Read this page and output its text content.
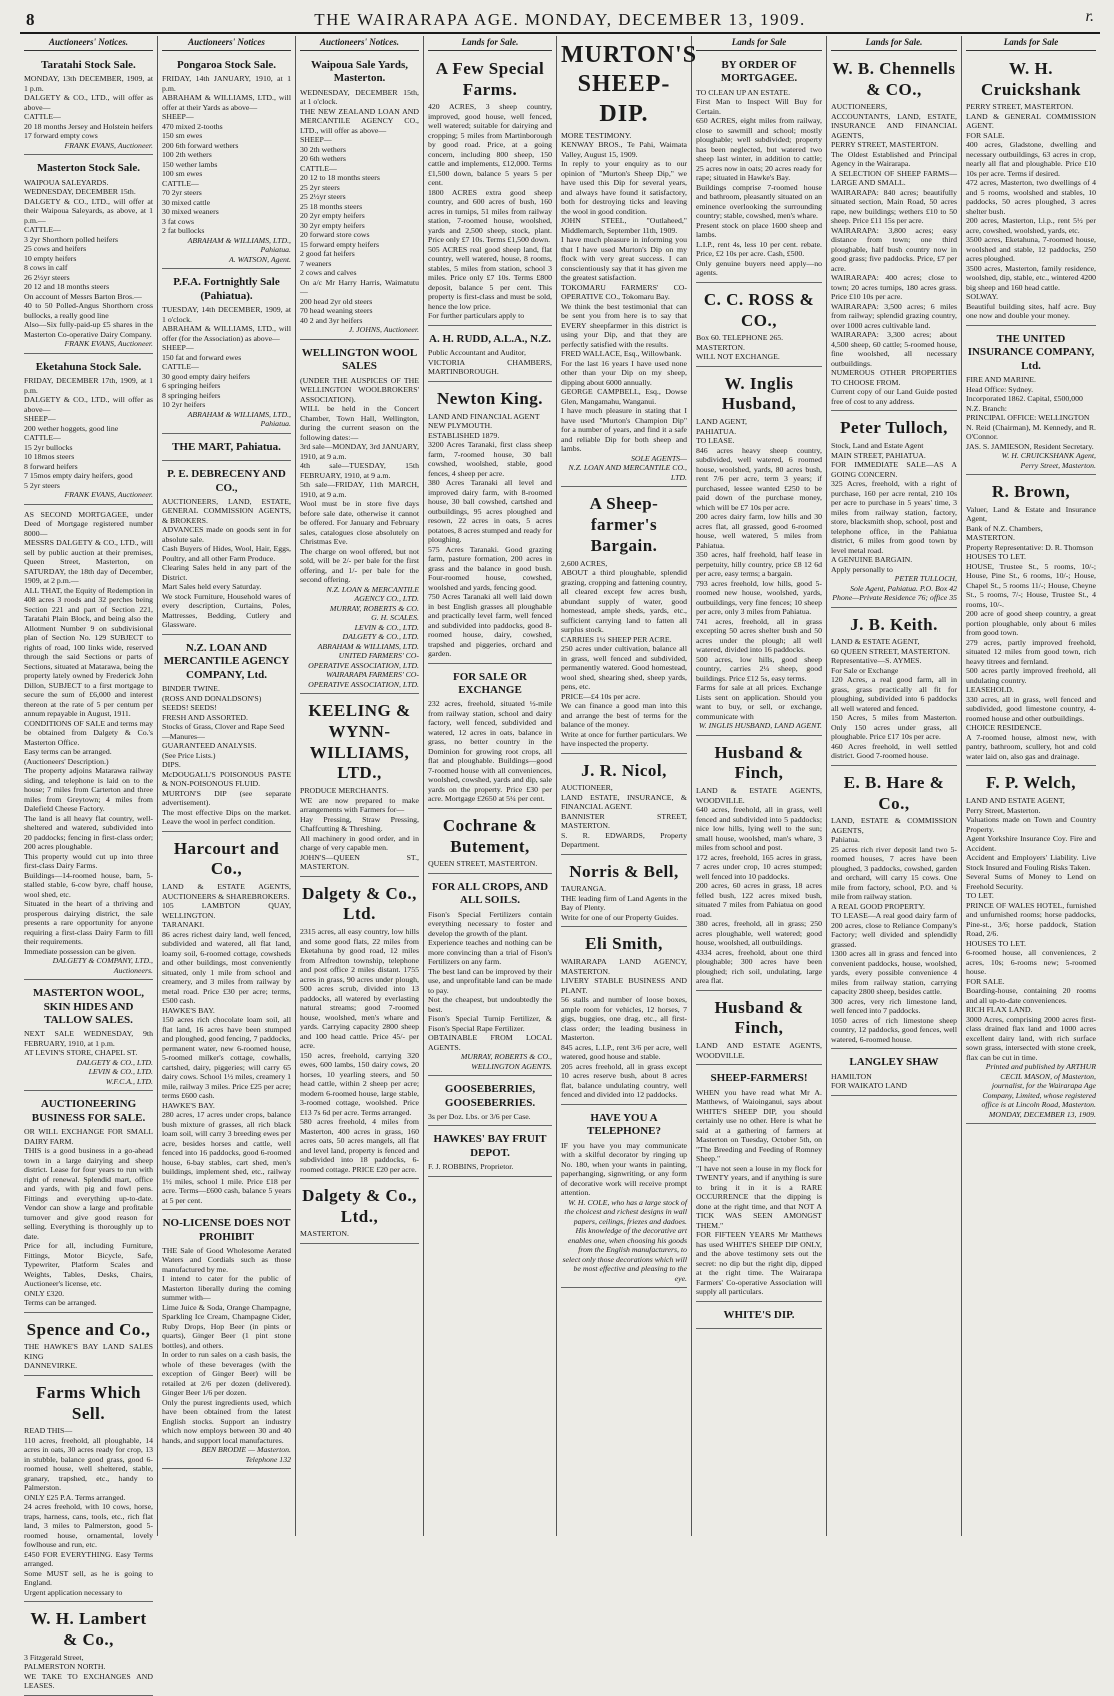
8	THE WAIRARAPA AGE. MONDAY, DECEMBER 13, 1909.	r.
Auctioneers' Notices.
Taratahi Stock Sale.
MONDAY, 13th DECEMBER, 1909, at 1 p.m.
DALGETY & CO., LTD., will offer as above—
CATTLE—
20 18 months Jersey and Holstein heifers
17 forward empty cows
FRANK EVANS, Auctioneer.
Masterton Stock Sale.
WAIPOUA SALEYARDS.
WEDNESDAY, DECEMBER 15th.
DALGETY & CO., LTD., will offer at their Waipoua Saleyards, as above, at 1 p.m.—
CATTLE—
3 2yr Shorthorn polled heifers
25 cows and heifers
10 empty heifers
8 cows in calf
26 2½yr steers
20 12 and 18 months steers
On account of Messrs Barton Bros.—
40 to 50 Polled-Angus Shorthorn cross bullocks, a really good line
Also—Six fully-paid-up £5 shares in the Masterton Co-operative Dairy Company.
FRANK EVANS, Auctioneer.
Eketahuna Stock Sale.
FRIDAY, DECEMBER 17th, 1909, at 1 p.m.
DALGETY & CO., LTD., will offer as above—
SHEEP—
200 wether hoggets, good line
CATTLE—
15 2yr bullocks
10 18mos steers
8 forward heifers
7 15mos empty dairy heifers, good
5 2yr steers
FRANK EVANS, Auctioneer.
AS SECOND MORTGAGEE, under Deed of Mortgage registered number 8000—
MESSRS DALGETY & CO., LTD., will sell by public auction at their premises, Queen Street, Masterton, on SATURDAY, the 18th day of December, 1909, at 2 p.m.—
ALL THAT, the Equity of Redemption in 408 acres 3 roods and 32 perches being Section 221 and part of Section 221, Taratahi Plain Block, and being also the Allotment Number 9 on subdivisional plan of Section No. 129 SUBJECT to rights of road, 100 links wide, reserved through the said Sections or parts of Sections, situated at Matarawa, being the property lately owned by Frederick John Dillon, SUBJECT to a first mortgage to secure the sum of £6,000 and interest thereon at the rate of 5 per centum per annum repayable in August, 1911.
CONDITIONS OF SALE and terms may be obtained from Dalgety & Co.'s Masterton Office.
Easy terms can be arranged.
(Auctioneers' Description.)
The property adjoins Matarawa railway siding, and telephone is laid on to the house; 7 miles from Carterton and three miles from Greytown; 4 miles from Dalefield Cheese Factory.
The land is all heavy flat country, well-sheltered and watered, subdivided into 20 paddocks; fencing in first-class order; 200 acres ploughable.
This property would cut up into three first-class Dairy Farms.
Buildings—14-roomed house, barn, 5-stalled stable, 6-cow byre, chaff house, wool shed, etc.
Situated in the heart of a thriving and prosperous dairying district, the sale presents a rare opportunity for anyone requiring a first-class Dairy Farm to fill their requirements.
Immediate possession can be given.
DALGETY & COMPANY, LTD., Auctioneers.
MASTERTON WOOL, SKIN HIDES AND TALLOW SALES.
NEXT SALE WEDNESDAY, 9th FEBRUARY, 1910, at 1 p.m.
AT LEVIN'S STORE, CHAPEL ST.
DALGETY & CO., LTD.
LEVIN & CO., LTD.
W.F.C.A., LTD.
AUCTIONEERING BUSINESS FOR SALE.
OR WILL EXCHANGE FOR SMALL DAIRY FARM.
THIS is a good business in a go-ahead town in a large dairying and sheep district. Lease for four years to run with right of renewal. Splendid mart, office and yards, with pig and fowl pens. Fittings and everything up-to-date. Vendor can show a large and profitable turnover and give good reason for selling. Everything is thoroughly up to date.
Price for all, including Furniture, Fittings, Motor Bicycle, Safe, Typewriter, Platform Scales and Weights, Tables, Desks, Chairs, Auctioneer's license, etc.
ONLY £320.
Terms can be arranged.
Spence and Co.,
THE HAWKE'S BAY LAND SALES KING
DANNEVIRKE.
Farms Which Sell.
READ THIS—
110 acres, freehold, all ploughable, 14 acres in oats, 30 acres ready for crop, 13 in stubble, balance good grass, good 6-roomed house, well sheltered, stable, granary, trapshed, etc., handy to Palmerston.
ONLY £25 P.A. Terms arranged.
24 acres freehold, with 10 cows, horse, traps, harness, cans, tools, etc., rich flat land, 3 miles to Palmerston, good 5-roomed house, ornamental, lovely fowlhouse and run, etc.
£450 FOR EVERYTHING. Easy Terms arranged.
Some MUST sell, as he is going to England.
Urgent application necessary to
W. H. Lambert & Co.,
3 Fitzgerald Street,
PALMERSTON NORTH.
WE TAKE TO EXCHANGES AND LEASES.
Auctioneers' Notices
Pongaroa Stock Sale.
FRIDAY, 14th JANUARY, 1910, at 1 p.m.
ABRAHAM & WILLIAMS, LTD., will offer at their Yards as above—
SHEEP—
470 mixed 2-tooths
150 sm ewes
200 6th forward wethers
100 2th wethers
150 wether lambs
100 sm ewes
CATTLE—
70 2yr steers
30 mixed cattle
30 mixed weaners
3 fat cows
2 fat bullocks
ABRAHAM & WILLIAMS, LTD., Pahiatua.
A. WATSON, Agent.
P.F.A. Fortnightly Sale (Pahiatua).
TUESDAY, 14th DECEMBER, 1909, at 1 o'clock.
ABRAHAM & WILLIAMS, LTD., will offer (for the Association) as above—
SHEEP—
150 fat and forward ewes
CATTLE—
30 good empty dairy heifers
6 springing heifers
8 springing heifers
10 2yr heifers
ABRAHAM & WILLIAMS, LTD., Pahiatua.
THE MART, Pahiatua.
P. E. DEBRECENY AND CO.,
AUCTIONEERS, LAND, ESTATE, GENERAL COMMISSION AGENTS, & BROKERS.
ADVANCES made on goods sent in for absolute sale.
Cash Buyers of Hides, Wool, Hair, Eggs, Poultry, and all other Farm Produce.
Clearing Sales held in any part of the District.
Mart Sales held every Saturday.
We stock Furniture, Household wares of every description, Curtains, Poles, Mattresses, Bedding, Cutlery and Glassware.
N.Z. LOAN AND MERCANTILE AGENCY COMPANY, Ltd.
BINDER TWINE.
(ROSS AND DONALDSON'S)
SEEDS! SEEDS!
FRESH AND ASSORTED.
Stocks of Grass, Clover and Rape Seed
—Manures—
GUARANTEED ANALYSIS.
(See Price Lists.)
DIPS.
McDOUGALL'S POISONOUS PASTE & NON-POISONOUS FLUID.
MURTON'S DIP (see separate advertisement).
The most effective Dips on the market. Leave the wool in perfect condition.
Harcourt and Co.,
LAND & ESTATE AGENTS, AUCTIONEERS & SHAREBROKERS.
105 LAMBTON QUAY, WELLINGTON.
TARANAKI.
86 acres richest dairy land, well fenced, subdivided and watered, all flat land, loamy soil, 6-roomed cottage, cowsheds and other buildings, most conveniently situated, only 1 mile from school and creamery, and 3 miles from railway by metal road. Price £30 per acre; terms, £500 cash.
HAWKE'S BAY.
150 acres rich chocolate loam soil, all flat land, 16 acres have been stumped and ploughed, good fencing, 7 paddocks, permanent water, new 6-roomed house, 5-roomed milker's cottage, cowhalls, cartshed, dairy, piggeries; will carry 65 dairy cows. School 1½ miles, creamery 1 mile, railway 3 miles. Price £25 per acre; terms £600 cash.
HAWKE'S BAY.
280 acres, 17 acres under crops, balance bush mixture of grasses, all rich black loam soil, will carry 3 breeding ewes per acre, besides horses and cattle, well fenced into 16 paddocks, good 6-roomed house, 6-bay stables, cart shed, men's buildings, implement shed, etc., railway 1½ miles, school 1 mile. Price £18 per acre. Terms—£600 cash, balance 5 years at 5 per cent.
NO-LICENSE DOES NOT PROHIBIT
THE Sale of Good Wholesome Aerated Waters and Cordials such as those manufactured by me.
I intend to cater for the public of Masterton liberally during the coming summer with—
Lime Juice & Soda, Orange Champagne, Sparkling Ice Cream, Champagne Cider, Ruby Drops, Hop Beer (in pints or quarts), Ginger Beer (1 pint stone bottles), and others.
In order to run sales on a cash basis, the whole of these beverages (with the exception of Ginger Beer) will be retailed at 2/6 per dozen (delivered). Ginger Beer 1/6 per dozen.
Only the purest ingredients used, which have been obtained from the latest English stocks. Support an industry which now employs between 30 and 40 hands, and support local manufactures.
BEN BRODIE — Masterton.
Telephone 132
Auctioneers' Notices.
Waipoua Sale Yards, Masterton.
WEDNESDAY, DECEMBER 15th, at 1 o'clock.
THE NEW ZEALAND LOAN AND MERCANTILE AGENCY CO., LTD., will offer as above—
SHEEP—
30 2th wethers
20 6th wethers
CATTLE—
20 12 to 18 months steers
25 2yr steers
25 2½yr steers
25 18 months steers
20 2yr empty heifers
30 2yr empty heifers
20 forward store cows
15 forward empty heifers
2 good fat heifers
7 weaners
2 cows and calves
On a/c Mr Harry Harris, Waimatutu—
200 head 2yr old steers
70 head weaning steers
40 2 and 3yr heifers
J. JOHNS, Auctioneer.
WELLINGTON WOOL SALES
(UNDER THE AUSPICES OF THE WELLINGTON WOOLBROKERS' ASSOCIATION).
WILL be held in the Concert Chamber, Town Hall, Wellington, during the current season on the following dates:—
3rd sale—MONDAY, 3rd JANUARY, 1910, at 9 a.m.
4th sale—TUESDAY, 15th FEBRUARY, 1910, at 9 a.m.
5th sale—FRIDAY, 11th MARCH, 1910, at 9 a.m.
Wool must be in store five days before sale date, otherwise it cannot be offered. For January and February sales, catalogues close absolutely on Christmas Eve.
The charge on wool offered, but not sold, will be 2/- per bale for the first offering, and 1/- per bale for the second offering.
N.Z. LOAN & MERCANTILE AGENCY CO., LTD.
MURRAY, ROBERTS & CO.
G. H. SCALES.
LEVIN & CO., LTD.
DALGETY & CO., LTD.
ABRAHAM & WILLIAMS, LTD.
UNITED FARMERS' CO-OPERATIVE ASSOCIATION, LTD.
WAIRARAPA FARMERS' CO-OPERATIVE ASSOCIATION, LTD.
KEELING & WYNN-WILLIAMS, LTD.,
PRODUCE MERCHANTS.
WE are now prepared to make arrangements with Farmers for—
Hay Pressing, Straw Pressing, Chaffcutting & Threshing.
All machinery in good order, and in charge of very capable men.
JOHN'S—QUEEN ST., MASTERTON.
Dalgety & Co., Ltd.
2315 acres, all easy country, low hills and some good flats, 22 miles from Eketahuna by good road, 12 miles from Alfredton township, telephone and post office 2 miles distant. 1755 acres in grass, 90 acres under plough, 500 acres scrub, divided into 13 paddocks, all watered by everlasting natural streams; good 7-roomed house, woolshed, men's whare and yards. Carrying capacity 2800 sheep and 100 head cattle. Price 45/- per acre.
150 acres, freehold, carrying 320 ewes, 600 lambs, 150 dairy cows, 20 horses, 10 yearling steers, and 50 head cattle, within 2 sheep per acre; modern 6-roomed house, large stable, 3-roomed cottage, woolshed. Price £13 7s 6d per acre. Terms arranged.
580 acres freehold, 4 miles from Masterton, 400 acres in grass, 160 acres oats, 50 acres mangels, all flat and level land, property is fenced and subdivided into 18 paddocks, 6-roomed cottage. PRICE £20 per acre.
Dalgety & Co., Ltd.,
MASTERTON.
Lands for Sale.
A Few Special Farms.
420 ACRES, 3 sheep country, improved, good house, well fenced, well watered; suitable for dairying and cropping; 5 miles from Martinborough by good road. Price, at a going concern, including 800 sheep, 150 cattle and implements, £12,000. Terms £1,500 down, balance 5 years 5 per cent.
1800 ACRES extra good sheep country, and 600 acres of bush, 160 acres in turnips, 51 miles from railway station, 7-roomed house, woolshed, yards and 2,500 sheep, stock, plant. Price only £7 10s. Terms £1,500 down.
505 ACRES real good sheep land, flat country, well watered, house, 8 rooms, stables, 5 miles from station, school 3 miles. Price only £7 10s. Terms £800 deposit, balance 5 per cent. This property is first-class and must be sold, hence the low price.
For further particulars apply to
A. H. RUDD, A.L.A., N.Z.
Public Accountant and Auditor,
VICTORIA CHAMBERS, MARTINBOROUGH.
Newton King.
LAND AND FINANCIAL AGENT
NEW PLYMOUTH.
ESTABLISHED 1879.
3200 Acres Taranaki, first class sheep farm, 7-roomed house, 30 ball cowshed, woolshed, stable, good fences, 4 sheep per acre.
380 Acres Taranaki all level and improved dairy farm, with 8-roomed house, 30 ball cowshed, cartshed and outbuildings, 95 acres ploughed and resown, 22 acres in oats, 5 acres potatoes, 8 acres stumped and ready for ploughing.
575 Acres Taranaki. Good grazing farm, pasture formation, 200 acres in grass and the balance in good bush. Four-roomed house, cowshed, woolshed and yards, fencing good.
750 Acres Taranaki all well laid down in best English grasses all ploughable and practically level farm, well fenced and subdivided into paddocks, good 8-roomed house, dairy, cowshed, trapshed and piggeries, orchard and garden.
FOR SALE OR EXCHANGE
232 acres, freehold, situated ½-mile from railway station, school and dairy factory, well fenced, subdivided and watered, 12 acres in oats, balance in grass, no better country in the Dominion for growing root crops, all flat and ploughable. Buildings—good 7-roomed house with all conveniences, woolshed, cowshed, yards and dip, sale yards on the property. Price £30 per acre. Mortgage £2650 at 5¼ per cent.
Cochrane & Butement,
QUEEN STREET, MASTERTON.
FOR ALL CROPS, AND ALL SOILS.
Fison's Special Fertilizers contain everything necessary to foster and develop the growth of the plant.
Experience teaches and nothing can be more convincing than a trial of Fison's Fertilizers on any farm.
The best land can be improved by their use, and unprofitable land can be made to pay.
Not the cheapest, but undoubtedly the best.
Fison's Special Turnip Fertilizer, & Fison's Special Rape Fertilizer.
OBTAINABLE FROM LOCAL AGENTS.
MURRAY, ROBERTS & CO., WELLINGTON AGENTS.
GOOSEBERRIES, GOOSEBERRIES.
3s per Doz. Lbs. or 3/6 per Case.
HAWKES' BAY FRUIT DEPOT.
F. J. ROBBINS, Proprietor.
MURTON'S SHEEP-DIP.
MORE TESTIMONY.
KENWAY BROS., Te Pahi, Waimata Valley, August 15, 1909.
In reply to your enquiry as to our opinion of "Murton's Sheep Dip," we have used this Dip for several years, and always have found it satisfactory, both for destroying ticks and leaving the wool in good condition.
JOHN STEEL, "Outlaheed," Middlemarch, September 11th, 1909.
I have much pleasure in informing you that I have used Murton's Dip on my flock with very great success. I can conscientiously say that it has given me the greatest satisfaction.
TOKOMARU FARMERS' CO-OPERATIVE CO., Tokomaru Bay.
We think the best testimonial that can be sent you from here is to say that EVERY sheepfarmer in this district is using your Dip, and that they are perfectly satisfied with the results.
FRED WALLACE, Esq., Willowbank.
For the last 16 years I have used none other than your Dip on my sheep, dipping about 6000 annually.
GEORGE CAMPBELL, Esq., Dowse Glen, Mangamahu, Wanganui.
I have much pleasure in stating that I have used "Murton's Champion Dip" for a number of years, and find it a safe and reliable Dip for both sheep and lambs.
SOLE AGENTS—
N.Z. LOAN AND MERCANTILE CO., LTD.
A Sheep-farmer's Bargain.
2,600 ACRES,
ABOUT a third ploughable, splendid grazing, cropping and fattening country, all cleared except few acres bush, abundant supply of water, good homestead, ample sheds, yards, etc., sufficient carrying land to fatten all surplus stock.
CARRIES 1¼ SHEEP PER ACRE.
250 acres under cultivation, balance all in grass, well fenced and subdivided, permanently watered. Good homestead, wool shed, shearing shed, sheep yards, pens, etc.
PRICE—£4 10s per acre.
We can finance a good man into this and arrange the best of terms for the balance of the money.
Write at once for further particulars. We have inspected the property.
J. R. Nicol,
AUCTIONEER,
LAND ESTATE, INSURANCE, & FINANCIAL AGENT.
BANNISTER STREET, MASTERTON.
S. R. EDWARDS, Property Department.
Norris & Bell,
TAURANGA.
THE leading firm of Land Agents in the Bay of Plenty.
Write for one of our Property Guides.
Eli Smith,
WAIRARAPA LAND AGENCY, MASTERTON.
LIVERY STABLE BUSINESS AND PLANT.
56 stalls and number of loose boxes, ample room for vehicles, 12 horses, 7 gigs, buggies, one drag, etc., all first-class order; the leading business in Masterton.
845 acres, L.I.P., rent 3/6 per acre, well watered, good house and stable.
205 acres freehold, all in grass except 10 acres reserve bush, about 8 acres flat, balance undulating country, well fenced and divided into 12 paddocks.
HAVE YOU A TELEPHONE?
IF you have you may communicate with a skilful decorator by ringing up No. 180, when your wants in painting, paperhanging, signwriting, or any form of decorative work will receive prompt attention.
W. H. COLE, who has a large stock of the choicest and richest designs in wall papers, ceilings, friezes and dadoes. His knowledge of the decorative art enables one, when choosing his goods from the English manufacturers, to select only those decorations which will be most effective and pleasing to the eye.
Lands for Sale
BY ORDER OF MORTGAGEE.
TO CLEAN UP AN ESTATE.
First Man to Inspect Will Buy for Certain.
650 ACRES, eight miles from railway, close to sawmill and school; mostly ploughable; well subdivided; property has been neglected, but watered two sheep last winter, in addition to cattle; 25 acres now in oats; 20 acres ready for rape; situated in Hawke's Bay.
Buildings comprise 7-roomed house and bathroom, pleasantly situated on an eminence overlooking the surrounding country; stable, cowshed, men's whare.
Present stock on place 1600 sheep and lambs.
L.I.P., rent 4s, less 10 per cent. rebate. Price, £2 10s per acre. Cash, £500.
Only genuine buyers need apply—no agents.
C. C. ROSS & CO.,
Box 60. TELEPHONE 265.
MASTERTON.
WILL NOT EXCHANGE.
W. Inglis Husband,
LAND AGENT,
PAHIATUA.
TO LEASE.
846 acres heavy sheep country, subdivided, well watered, 6 roomed house, woolshed, yards, 80 acres bush, rent 7/6 per acre, term 3 years; if purchased, lessee wanted £250 to be paid down of the purchase money, which will be £7 10s per acre.
200 acres dairy farm, low hills and 30 acres flat, all grassed, good 6-roomed house, well watered, 5 miles from Pahiatua.
350 acres, half freehold, half lease in perpetuity, hilly country, price £8 12 6d per acre, easy terms; a bargain.
793 acres freehold, low hills, good 5-roomed new house, woolshed, yards, outbuildings, very fine fences; 10 sheep per acre, only 3 miles from Pahiatua.
741 acres, freehold, all in grass excepting 50 acres shelter bush and 50 acres under the plough; all well watered, divided into 16 paddocks.
500 acres, low hills, good sheep country, carries 2¼ sheep, good buildings. Price £12 5s, easy terms.
Farms for sale at all prices. Exchange Lists sent on application. Should you want to buy, or sell, or exchange, communicate with
W. INGLIS HUSBAND, LAND AGENT.
Husband & Finch,
LAND & ESTATE AGENTS, WOODVILLE.
640 acres, freehold, all in grass, well fenced and subdivided into 5 paddocks; nice low hills, lying well to the sun; small house, woolshed, man's whare, 3 miles from school and post.
172 acres, freehold, 165 acres in grass, 7 acres under crop, 10 acres stumped; well fenced into 10 paddocks.
200 acres, 60 acres in grass, 18 acres felled bush, 122 acres mixed bush, situated 7 miles from Pahiatua on good road.
380 acres, freehold, all in grass; 250 acres ploughable, well watered; good house, woolshed, all outbuildings.
4334 acres, freehold, about one third ploughable; 300 acres have been ploughed; rich soil, undulating, large area flat.
Husband & Finch,
LAND AND ESTATE AGENTS, WOODVILLE.
SHEEP-FARMERS!
WHEN you have read what Mr A. Matthews, of Waioinganui, says about WHITE'S SHEEP DIP, you should certainly use no other. Here is what he said at a gathering of farmers at Masterton on Tuesday, October 5th, on "The Breeding and Feeding of Romney Sheep."
"I have not seen a louse in my flock for TWENTY years, and if anything is sure to bring it in it is a RARE OCCURRENCE that the dipping is done at the right time, and that NOT A TICK WAS SEEN AMONGST THEM."
FOR FIFTEEN YEARS Mr Matthews has used WHITE'S SHEEP DIP ONLY, and the above testimony sets out the secret: no dip but the right dip, dipped at the right time. The Wairarapa Farmers' Co-operative Association will supply all particulars.
WHITE'S DIP.
Lands for Sale.
W. B. Chennells & CO.,
AUCTIONEERS,
ACCOUNTANTS, LAND, ESTATE, INSURANCE AND FINANCIAL AGENTS,
PERRY STREET, MASTERTON.
The Oldest Established and Principal Agency in the Wairarapa.
A SELECTION OF SHEEP FARMS—LARGE AND SMALL.
WAIRARAPA: 840 acres; beautifully situated section, Main Road, 50 acres rape, new buildings; wethers £10 to 50 sheep. Price £11 15s per acre.
WAIRARAPA: 3,800 acres; easy distance from town; one third ploughable, half bush country now in good grass; five paddocks. Price, £7 per acre.
WAIRARAPA: 400 acres; close to town; 20 acres turnips, 180 acres grass. Price £10 10s per acre.
WAIRARAPA: 3,500 acres; 6 miles from railway; splendid grazing country, over 1000 acres cultivable land.
WAIRARAPA: 3,300 acres; about 4,500 sheep, 60 cattle; 5-roomed house, fine woolshed, all necessary outbuildings.
NUMEROUS OTHER PROPERTIES TO CHOOSE FROM.
Current copy of our Land Guide posted free of cost to any address.
Peter Tulloch,
Stock, Land and Estate Agent
MAIN STREET, PAHIATUA.
FOR IMMEDIATE SALE—AS A GOING CONCERN.
325 Acres, freehold, with a right of purchase, 160 per acre rental, 210 10s per acre to purchase in 5 years' time, 3 miles from railway station, factory, store, blacksmith shop, school, post and telephone office, in the Pahiatua district, 6 miles from good town by level metal road.
A GENUINE BARGAIN.
Apply personally to
PETER TULLOCH,
Sole Agent, Pahiatua. P.O. Box 42
Phone—Private Residence 76; office 35
J. B. Keith.
LAND & ESTATE AGENT,
60 QUEEN STREET, MASTERTON.
Representative—S. AYMES.
For Sale or Exchange
120 Acres, a real good farm, all in grass, grass practically all fit for ploughing, subdivided into 6 paddocks all well watered and fenced.
150 Acres, 5 miles from Masterton. Only 150 acres under grass, all ploughable. Price £17 10s per acre.
460 Acres freehold, in well settled district. Good 7-roomed house.
E. B. Hare & Co.,
LAND, ESTATE & COMMISSION AGENTS,
Pahiatua.
25 acres rich river deposit land two 5-roomed houses, 7 acres have been ploughed, 3 paddocks, cowshed, garden and orchard, will carry 15 cows. One mile from factory, school, P.O. and ¼ mile from railway station.
A REAL GOOD PROPERTY.
TO LEASE—A real good dairy farm of 200 acres, close to Reliance Company's Factory; well divided and splendidly grassed.
1300 acres all in grass and fenced into convenient paddocks, house, woolshed, yards, every possible convenience 4 miles from railway station, carrying capacity 2800 sheep, besides cattle.
300 acres, very rich limestone land, well fenced into 7 paddocks.
1050 acres of rich limestone sheep country, 12 paddocks, good fences, well watered, 6-roomed house.
LANGLEY SHAW
HAMILTON
FOR WAIKATO LAND
Lands for Sale
W. H. Cruickshank
PERRY STREET, MASTERTON.
LAND & GENERAL COMMISSION AGENT.
FOR SALE.
400 acres, Gladstone, dwelling and necessary outbuildings, 63 acres in crop, nearly all flat and ploughable. Price £10 10s per acre. Terms if desired.
472 acres, Masterton, two dwellings of 4 and 5 rooms, woolshed and stables, 10 paddocks, 50 acres ploughed, 3 acres shelter bush.
200 acres, Masterton, l.i.p., rent 5½ per acre, cowshed, woolshed, yards, etc.
3500 acres, Eketahuna, 7-roomed house, woolshed and stable, 12 paddocks, 250 acres ploughed.
3500 acres, Masterton, family residence, woolshed, dip, stable, etc., wintered 4200 big sheep and 160 head cattle.
SOLWAY.
Beautiful building sites, half acre. Buy one now and double your money.
THE UNITED INSURANCE COMPANY, Ltd.
FIRE AND MARINE.
Head Office: Sydney.
Incorporated 1862. Capital, £500,000
N.Z. Branch:
PRINCIPAL OFFICE: WELLINGTON
N. Reid (Chairman), M. Kennedy, and R. O'Connor.
JAS. S. JAMIESON, Resident Secretary.
W. H. CRUICKSHANK Agent,
Perry Street, Masterton.
R. Brown,
Valuer, Land & Estate and Insurance Agent,
Bank of N.Z. Chambers,
MASTERTON.
Property Representative: D. R. Thomson
HOUSES TO LET.
HOUSE, Trustee St., 5 rooms, 10/-; House, Pine St., 6 rooms, 10/-; House, Chapel St., 5 rooms 11/-; House, Cheyne St., 5 rooms, 7/-; House, Trustee St., 4 rooms, 10/-.
200 acre of good sheep country, a great portion ploughable, only about 6 miles from good town.
279 acres, partly improved freehold, situated 12 miles from good town, rich heavy titrees and fernland.
500 acres partly improved freehold, all undulating country.
LEASEHOLD.
330 acres, all in grass, well fenced and subdivided, good limestone country, 4-roomed house and other outbuildings.
CHOICE RESIDENCE.
A 7-roomed house, almost new, with pantry, bathroom, scullery, hot and cold water laid on, also gas and drainage.
F. P. Welch,
LAND AND ESTATE AGENT,
Perry Street, Masterton.
Valuations made on Town and Country Property.
Agent Yorkshire Insurance Coy. Fire and Accident.
Accident and Employers' Liability. Live Stock Insured and Fouling Risks Taken.
Several Sums of Money to Lend on Freehold Security.
TO LET.
PRINCE OF WALES HOTEL, furnished and unfurnished rooms; horse paddocks, Pine-st., 3/6; horse paddock, Station Road, 2/6.
HOUSES TO LET.
6-roomed house, all conveniences, 2 acres, 10s; 6-rooms new; 5-roomed house.
FOR SALE.
Boarding-house, containing 20 rooms and all up-to-date conveniences.
RICH FLAX LAND.
3000 Acres, comprising 2000 acres first-class drained flax land and 1000 acres excellent dairy land, with rich surface sown grass, intersected with stone creek, flax can be cut in time.
Printed and published by ARTHUR CECIL MASON, of Masterton, journalist, for the Wairarapa Age Company, Limited, whose registered office is at Lincoln Road, Masterton.
MONDAY, DECEMBER 13, 1909.
